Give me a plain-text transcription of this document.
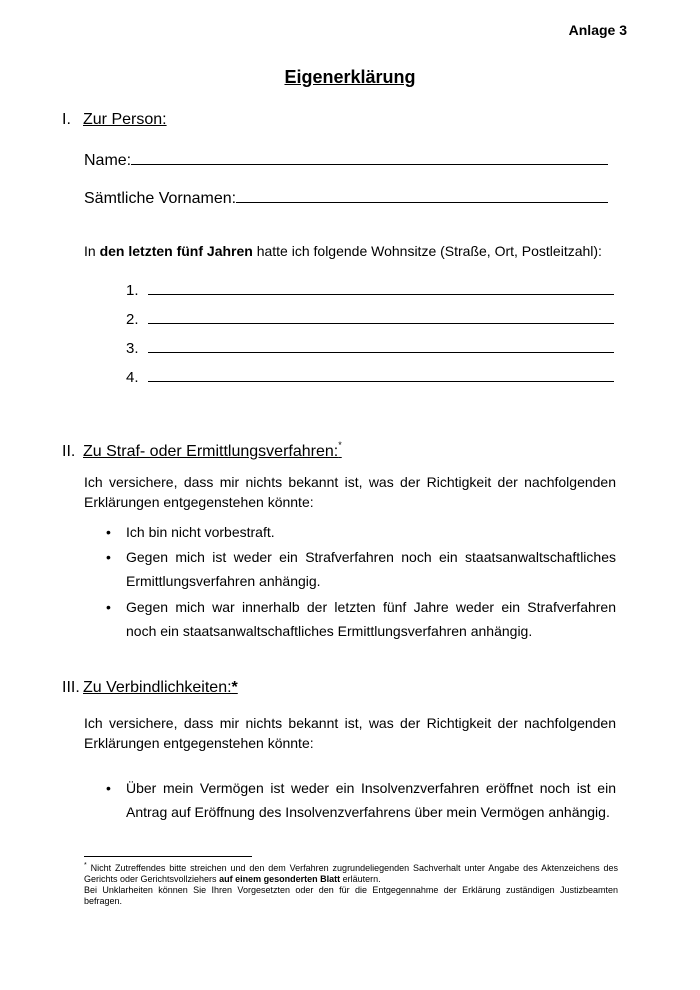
Anlage 3
Eigenerklärung
I. Zur Person:
Name:
Sämtliche Vornamen:
In den letzten fünf Jahren hatte ich folgende Wohnsitze (Straße, Ort, Postleitzahl):
1.
2.
3.
4.
II. Zu Straf- oder Ermittlungsverfahren:*
Ich versichere, dass mir nichts bekannt ist, was der Richtigkeit der nachfolgenden Erklärungen entgegenstehen könnte:
• Ich bin nicht vorbestraft.
• Gegen mich ist weder ein Strafverfahren noch ein staatsanwaltschaftliches Ermittlungsverfahren anhängig.
• Gegen mich war innerhalb der letzten fünf Jahre weder ein Strafverfahren noch ein staatsanwaltschaftliches Ermittlungsverfahren anhängig.
III. Zu Verbindlichkeiten:*
Ich versichere, dass mir nichts bekannt ist, was der Richtigkeit der nachfolgenden Erklärungen entgegenstehen könnte:
• Über mein Vermögen ist weder ein Insolvenzverfahren eröffnet noch ist ein Antrag auf Eröffnung des Insolvenzverfahrens über mein Vermögen anhängig.
* Nicht Zutreffendes bitte streichen und den dem Verfahren zugrundeliegenden Sachverhalt unter Angabe des Aktenzeichens des Gerichts oder Gerichtsvollziehers auf einem gesonderten Blatt erläutern.
Bei Unklarheiten können Sie Ihren Vorgesetzten oder den für die Entgegennahme der Erklärung zuständigen Justizbeamten befragen.
